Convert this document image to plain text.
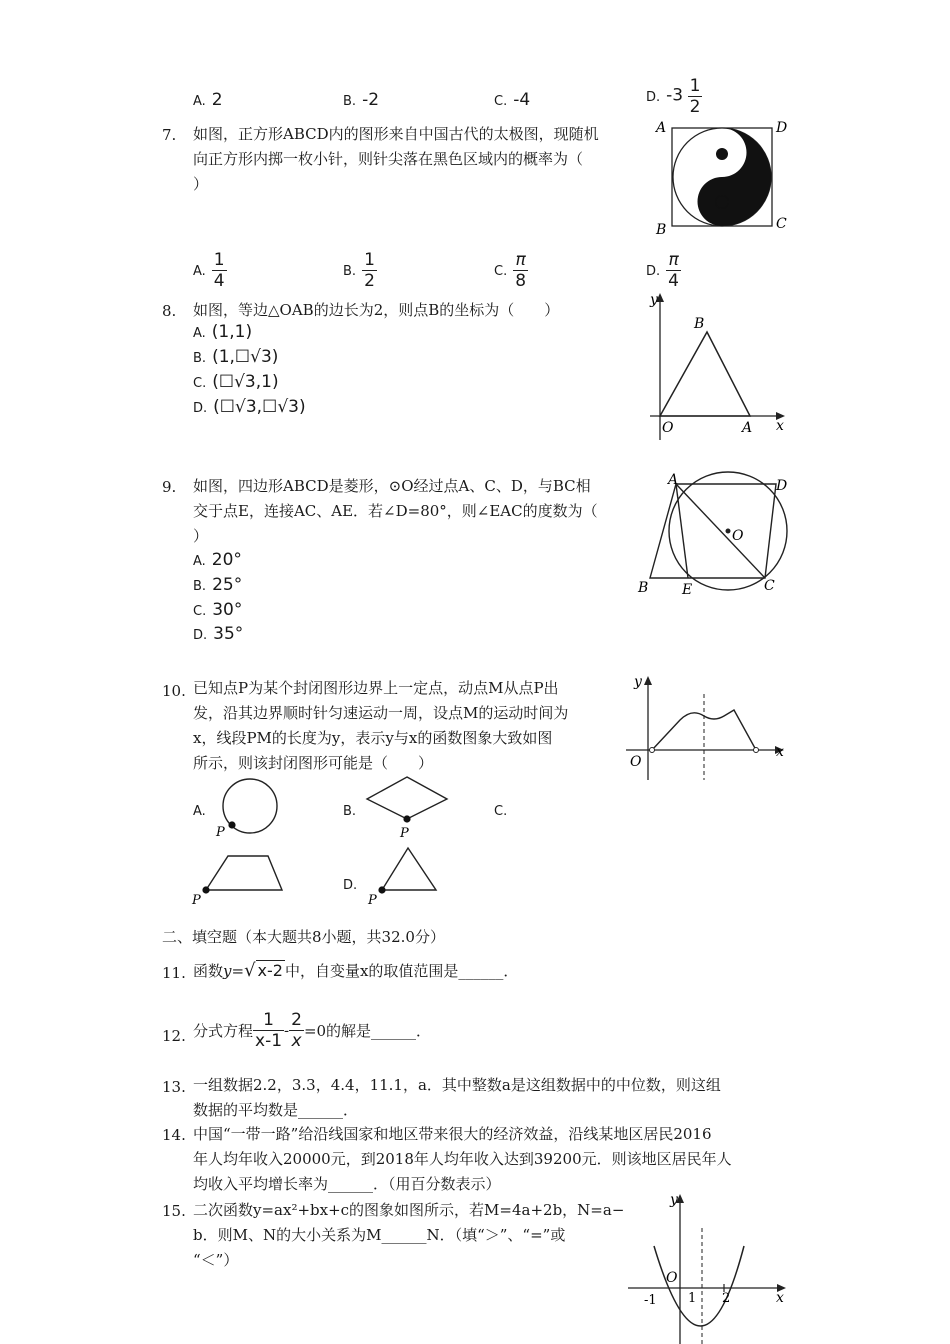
A. 2	B. -2	C. -4	D. $-3 \frac{1}{2}$
7. 如图，正方形ABCD内的图形来自中国古代的太极图，现随机
向正方形内掷一枚小针，则针尖落在黑色区域内的概率为（
）
A	D
B	C
A. $\frac{1}{4}$	B. $\frac{1}{2}$	C. $\frac{\pi}{8}$	D. $\frac{\pi}{4}$
8. 如图，等边△OAB的边长为2，则点B的坐标为（　　）
A. (1,1)
B. (1,☐√3)
C. (☐√3,1)
D. (☐√3,☐√3)
y
x
O	A
B
9. 如图，四边形ABCD是菱形，⊙O经过点A、C、D，与BC相
交于点E，连接AC、AE．若∠D=80°，则∠EAC的度数为（
）
A. 20°
B. 25°
C. 30°
D. 35°
A	D
B E	C
O
10. 已知点P为某个封闭图形边界上一定点，动点M从点P出
发，沿其边界顺时针匀速运动一周，设点M的运动时间为
x，线段PM的长度为y，表示y与x的函数图象大致如图
所示，则该封闭图形可能是（　　）
y
x
O
A.
P
B.
P
C.
P
D.
P
二、填空题（本大题共8小题，共32.0分）
11. 函数y=√ x-2 中，自变量x的取值范围是______．
12. 分式方程 $\frac{1}{x-1} - \frac{2}{x} =0$的解是______．
13. 一组数据2.2，3.3，4.4，11.1，a．其中整数a是这组数据中的中位数，则这组
数据的平均数是______．
14. 中国“一带一路”给沿线国家和地区带来很大的经济效益，沿线某地区居民2016
年人均年收入20000元，到2018年人均年收入达到39200元．则该地区居民年人
均收入平均增长率为______．（用百分数表示）
15. 二次函数y=ax²+bx+c的图象如图所示，若M=4a+2b，N=a−
b．则M、N的大小关系为M______N．（填“＞”、“=”或
“＜”）
y
x
O
-1 1 2
